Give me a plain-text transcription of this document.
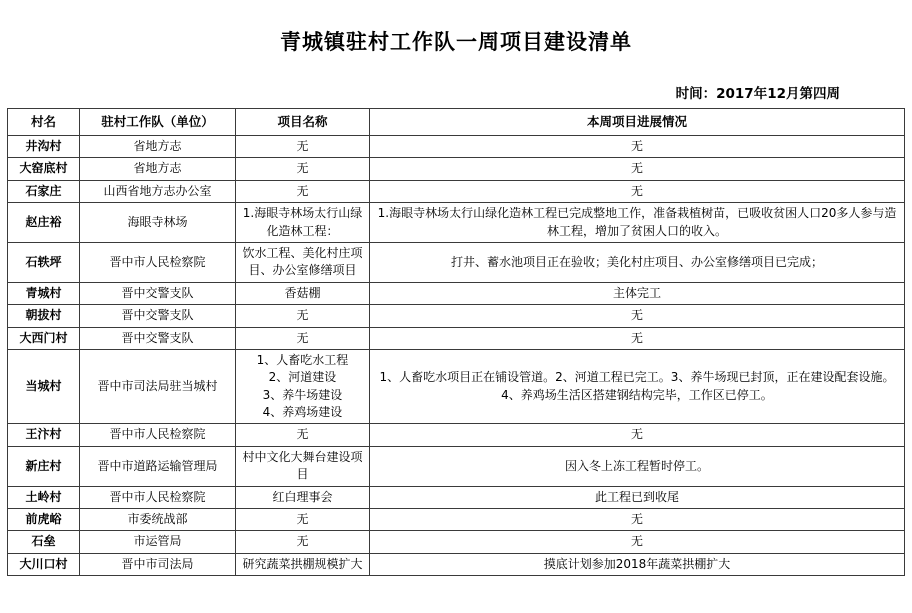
青城镇驻村工作队一周项目建设清单
时间：2017年12月第四周
村名	驻村工作队（单位）	项目名称	本周项目进展情况
井沟村	省地方志	无	无
大窑底村	省地方志	无	无
石家庄	山西省地方志办公室	无	无
赵庄裕	海眼寺林场	1.海眼寺林场太行山绿化造林工程：	1.海眼寺林场太行山绿化造林工程已完成整地工作，准备栽植树苗，已吸收贫困人口20多人参与造林工程，增加了贫困人口的收入。
石轶坪	晋中市人民检察院	饮水工程、美化村庄项目、办公室修缮项目	打井、蓄水池项目正在验收；美化村庄项目、办公室修缮项目已完成；
青城村	晋中交警支队	香菇棚	主体完工
朝拔村	晋中交警支队	无	无
大西门村	晋中交警支队	无	无
当城村	晋中市司法局驻当城村	1、人畜吃水工程
2、河道建设
3、养牛场建设
4、养鸡场建设	1、人畜吃水项目正在铺设管道。2、河道工程已完工。3、养牛场现已封顶，正在建设配套设施。4、养鸡场生活区搭建钢结构完毕，工作区已停工。
王汴村	晋中市人民检察院	无	无
新庄村	晋中市道路运输管理局	村中文化大舞台建设项目	因入冬上冻工程暂时停工。
土岭村	晋中市人民检察院	红白理事会	此工程已到收尾
前虎峪	市委统战部	无	无
石垒	市运管局	无	无
大川口村	晋中市司法局	研究蔬菜拱棚规模扩大	摸底计划参加2018年蔬菜拱棚扩大
